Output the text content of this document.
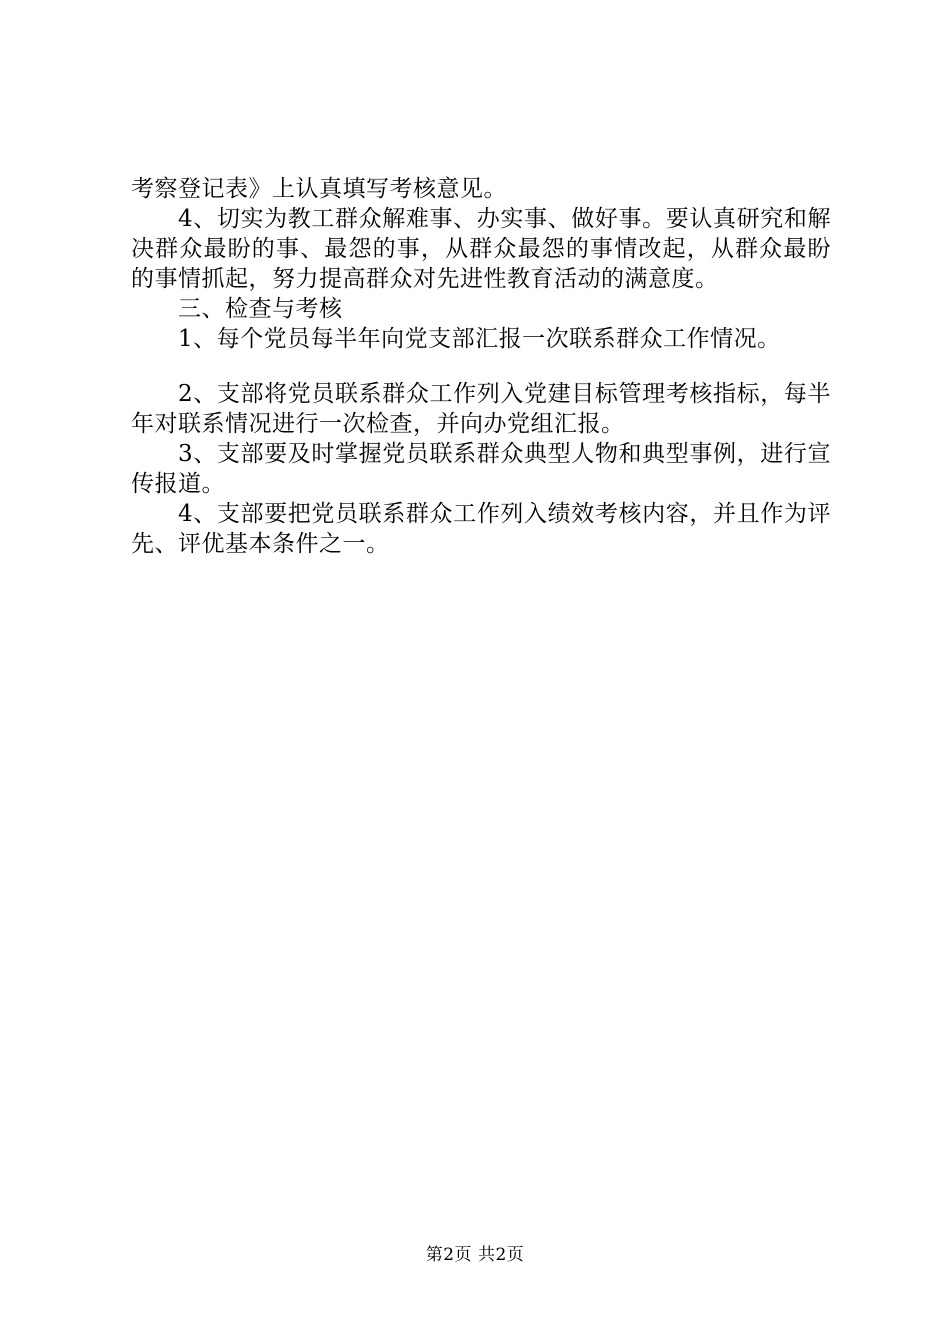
考察登记表》上认真填写考核意见。

4、切实为教工群众解难事、办实事、做好事。要认真研究和解决群众最盼的事、最怨的事，从群众最怨的事情改起，从群众最盼的事情抓起，努力提高群众对先进性教育活动的满意度。

三、检查与考核

1、每个党员每半年向党支部汇报一次联系群众工作情况。

2、支部将党员联系群众工作列入党建目标管理考核指标，每半年对联系情况进行一次检查，并向办党组汇报。

3、支部要及时掌握党员联系群众典型人物和典型事例，进行宣传报道。

4、支部要把党员联系群众工作列入绩效考核内容，并且作为评先、评优基本条件之一。

第2页 共2页
